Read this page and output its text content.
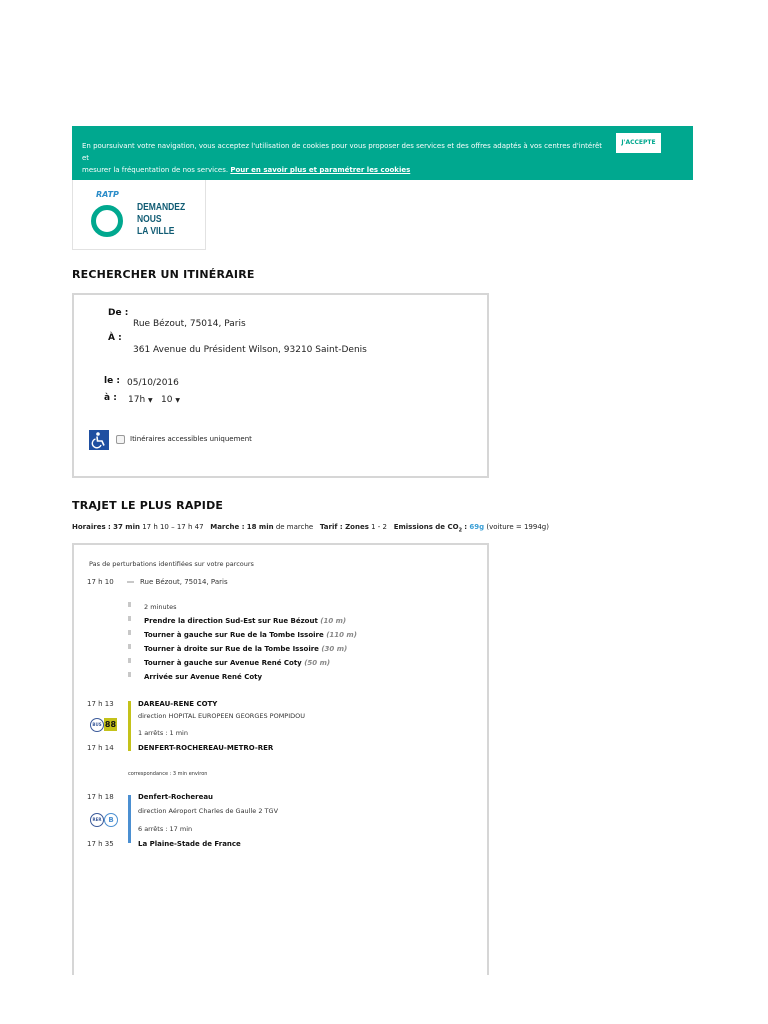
En poursuivant votre navigation, vous acceptez l'utilisation de cookies pour vous proposer des services et des offres adaptés à vos centres d'intérêt et
mesurer la fréquentation de nos services. Pour en savoir plus et paramétrer les cookies
J'ACCEPTE
RATP
DEMANDEZ
NOUS
LA VILLE
RECHERCHER UN ITINÉRAIRE
De :
Rue Bézout, 75014, Paris
À :
361 Avenue du Président Wilson, 93210 Saint-Denis
le : 05/10/2016
à : 17h ▼ 10 ▼
Itinéraires accessibles uniquement
TRAJET LE PLUS RAPIDE
Horaires : 37 min 17 h 10 – 17 h 47 Marche : 18 min de marche Tarif : Zones 1 - 2 Emissions de $CO_2$ : 69g (voiture = 1994g)
Pas de perturbations identifiées sur votre parcours
17 h 10	Rue Bézout, 75014, Paris
2 minutes
Prendre la direction Sud-Est sur Rue Bézout (10 m)
Tourner à gauche sur Rue de la Tombe Issoire (110 m)
Tourner à droite sur Rue de la Tombe Issoire (30 m)
Tourner à gauche sur Avenue René Coty (50 m)
Arrivée sur Avenue René Coty
17 h 13	DAREAU-RENE COTY
BUS 88
direction HOPITAL EUROPEEN GEORGES POMPIDOU
1 arrêts : 1 min
17 h 14	DENFERT-ROCHEREAU-METRO-RER
correspondance : 3 min environ
17 h 18	Denfert-Rochereau
RER B
direction Aéroport Charles de Gaulle 2 TGV
6 arrêts : 17 min
17 h 35	La Plaine-Stade de France
